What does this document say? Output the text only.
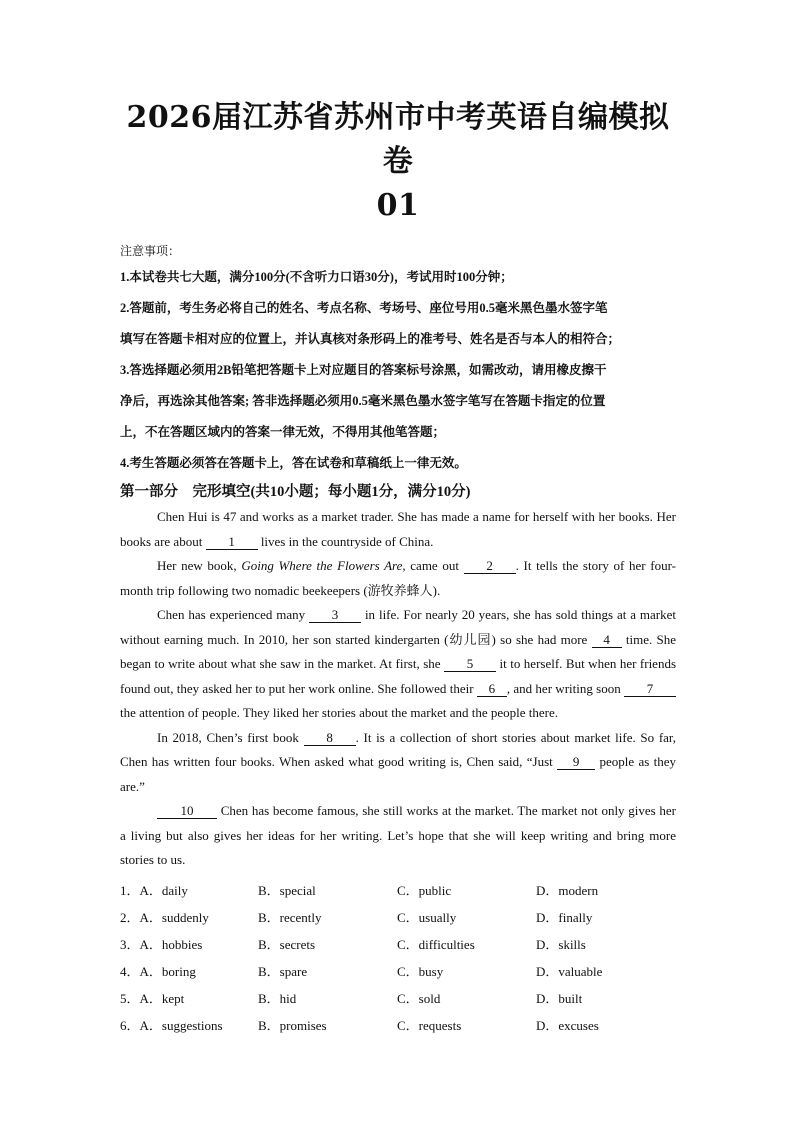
2026届江苏省苏州市中考英语自编模拟卷
01
注意事项：

1.本试卷共七大题，满分100分(不含听力口语30分)，考试用时100分钟；

2.答题前，考生务必将自己的姓名、考点名称、考场号、座位号用0.5毫米黑色墨水签字笔

填写在答题卡相对应的位置上，并认真核对条形码上的准考号、姓名是否与本人的相符合；

3.答选择题必须用2B铅笔把答题卡上对应题目的答案标号涂黑，如需改动，请用橡皮擦干

净后，再选涂其他答案; 答非选择题必须用0.5毫米黑色墨水签字笔写在答题卡指定的位置

上，不在答题区域内的答案一律无效，不得用其他笔答题；

4.考生答题必须答在答题卡上，答在试卷和草稿纸上一律无效。

第一部分　完形填空(共10小题；每小题1分，满分10分)

Chen Hui is 47 and works as a market trader. She has made a name for herself with her books. Her books are about 1 lives in the countryside of China.

Her new book, Going Where the Flowers Are, came out 2 . It tells the story of her four-month trip following two nomadic beekeepers (游牧养蜂人).

Chen has experienced many 3 in life. For nearly 20 years, she has sold things at a market without earning much. In 2010, her son started kindergarten (幼儿园) so she had more 4 time. She began to write about what she saw in the market. At first, she 5 it to herself. But when her friends found out, they asked her to put her work online. She followed their 6 , and her writing soon 7 the attention of people. They liked her stories about the market and the people there.

In 2018, Chen’s first book 8 . It is a collection of short stories about market life. So far, Chen has written four books. When asked what good writing is, Chen said, “Just 9 people as they are.”

10 Chen has become famous, she still works at the market. The market not only gives her a living but also gives her ideas for her writing. Let’s hope that she will keep writing and bring more stories to us.

1．A．daily	B．special	C．public	D．modern
2．A．suddenly	B．recently	C．usually	D．finally
3．A．hobbies	B．secrets	C．difficulties	D．skills
4．A．boring	B．spare	C．busy	D．valuable
5．A．kept	B．hid	C．sold	D．built
6．A．suggestions	B．promises	C．requests	D．excuses
